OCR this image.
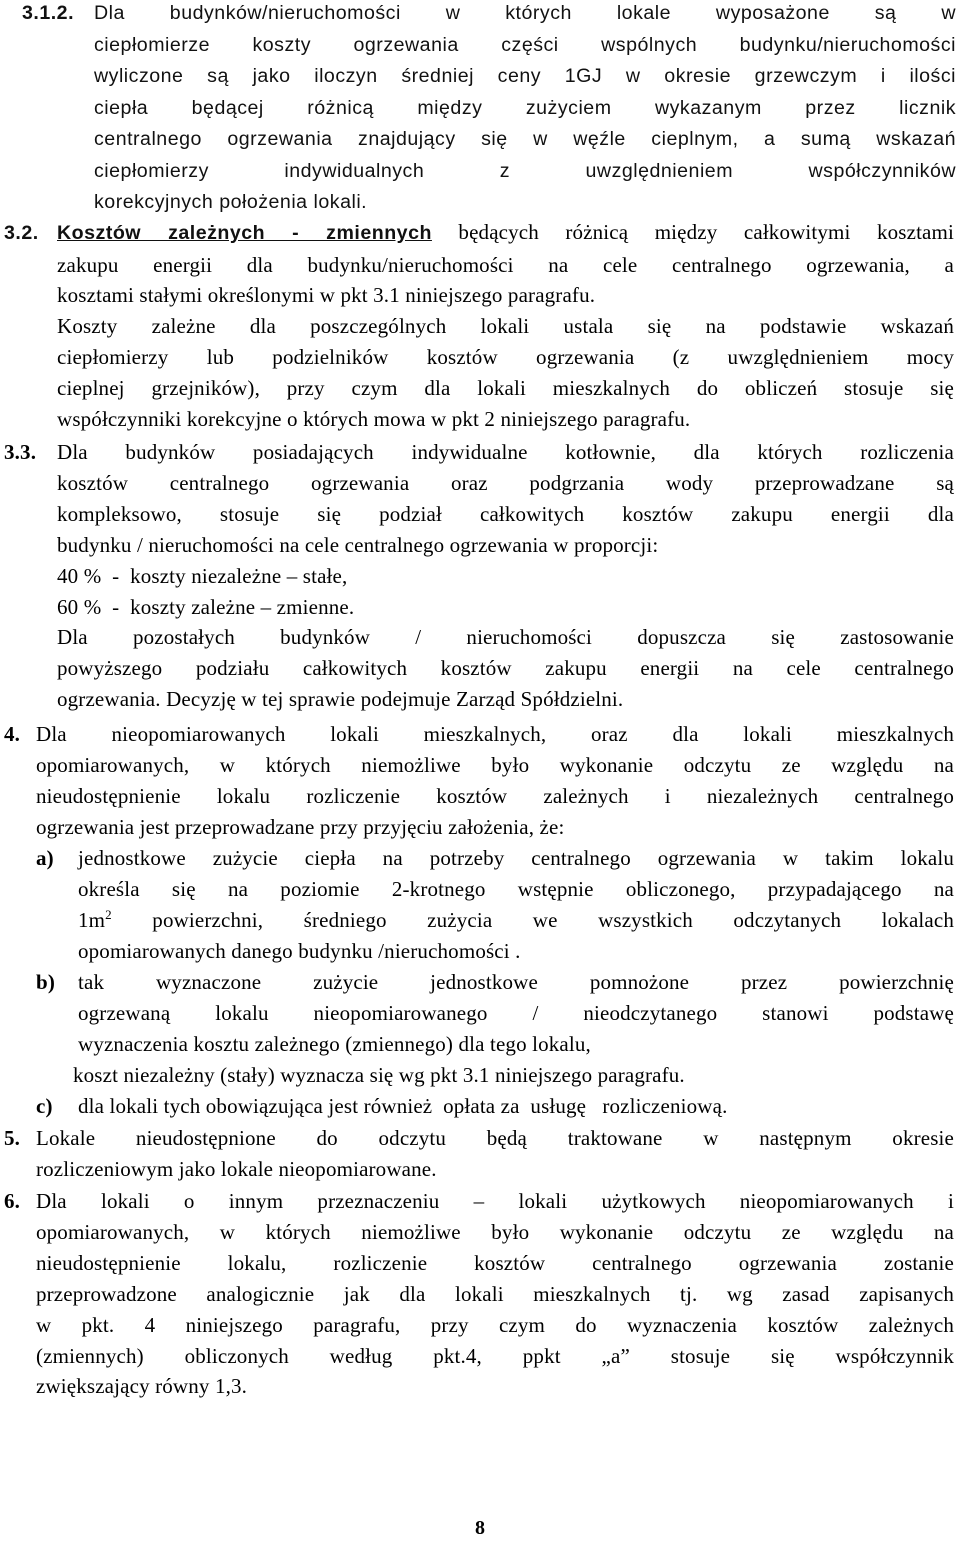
3.1.2. Dla budynków/nieruchomości w których lokale wyposażone są w
ciepłomierze koszty ogrzewania części wspólnych budynku/nieruchomości
wyliczone są jako iloczyn średniej ceny 1GJ w okresie grzewczym i ilości
ciepła będącej różnicą między zużyciem wykazanym przez licznik
centralnego ogrzewania znajdujący się w węźle cieplnym, a sumą wskazań
ciepłomierzy indywidualnych z uwzględnieniem współczynników
korekcyjnych położenia lokali.
3.2. Kosztów zależnych - zmiennych będących różnicą między całkowitymi kosztami
zakupu energii dla budynku/nieruchomości na cele centralnego ogrzewania, a
kosztami stałymi określonymi w pkt 3.1 niniejszego paragrafu.
Koszty zależne dla poszczególnych lokali ustala się na podstawie wskazań
ciepłomierzy lub podzielników kosztów ogrzewania (z uwzględnieniem mocy
cieplnej grzejników), przy czym dla lokali mieszkalnych do obliczeń stosuje się
współczynniki korekcyjne o których mowa w pkt 2 niniejszego paragrafu.
3.3. Dla budynków posiadających indywidualne kotłownie, dla których rozliczenia
kosztów centralnego ogrzewania oraz podgrzania wody przeprowadzane są
kompleksowo, stosuje się podział całkowitych kosztów zakupu energii dla
budynku / nieruchomości na cele centralnego ogrzewania w proporcji:
40 %  -  koszty niezależne – stałe,
60 %  -  koszty zależne – zmienne.
Dla pozostałych budynków / nieruchomości dopuszcza się zastosowanie
powyższego podziału całkowitych kosztów zakupu energii na cele centralnego
ogrzewania. Decyzję w tej sprawie podejmuje Zarząd Spółdzielni.
4. Dla nieopomiarowanych lokali mieszkalnych, oraz dla lokali mieszkalnych
opomiarowanych, w których niemożliwe było wykonanie odczytu ze względu na
nieudostępnienie lokalu rozliczenie kosztów zależnych i niezależnych centralnego
ogrzewania jest przeprowadzane przy przyjęciu założenia, że:
a) jednostkowe zużycie ciepła na potrzeby centralnego ogrzewania w takim lokalu
określa się na poziomie 2-krotnego wstępnie obliczonego, przypadającego na
$1m^2$ powierzchni, średniego zużycia we wszystkich odczytanych lokalach
opomiarowanych danego budynku /nieruchomości .
b) tak wyznaczone zużycie jednostkowe pomnożone przez powierzchnię
ogrzewaną lokalu nieopomiarowanego / nieodczytanego stanowi podstawę
wyznaczenia kosztu zależnego (zmiennego) dla tego lokalu,
koszt niezależny (stały) wyznacza się wg pkt 3.1 niniejszego paragrafu.
c) dla lokali tych obowiązująca jest również  opłata za  usługę   rozliczeniową.
5. Lokale nieudostępnione do odczytu będą traktowane w następnym okresie
rozliczeniowym jako lokale nieopomiarowane.
6. Dla lokali o innym przeznaczeniu – lokali użytkowych nieopomiarowanych i
opomiarowanych, w których niemożliwe było wykonanie odczytu ze względu na
nieudostępnienie lokalu, rozliczenie kosztów centralnego ogrzewania zostanie
przeprowadzone analogicznie jak dla lokali mieszkalnych tj. wg zasad zapisanych
w pkt. 4 niniejszego paragrafu, przy czym do wyznaczenia kosztów zależnych
(zmiennych) obliczonych według pkt.4, ppkt „a” stosuje się współczynnik
zwiększający równy 1,3.
8
